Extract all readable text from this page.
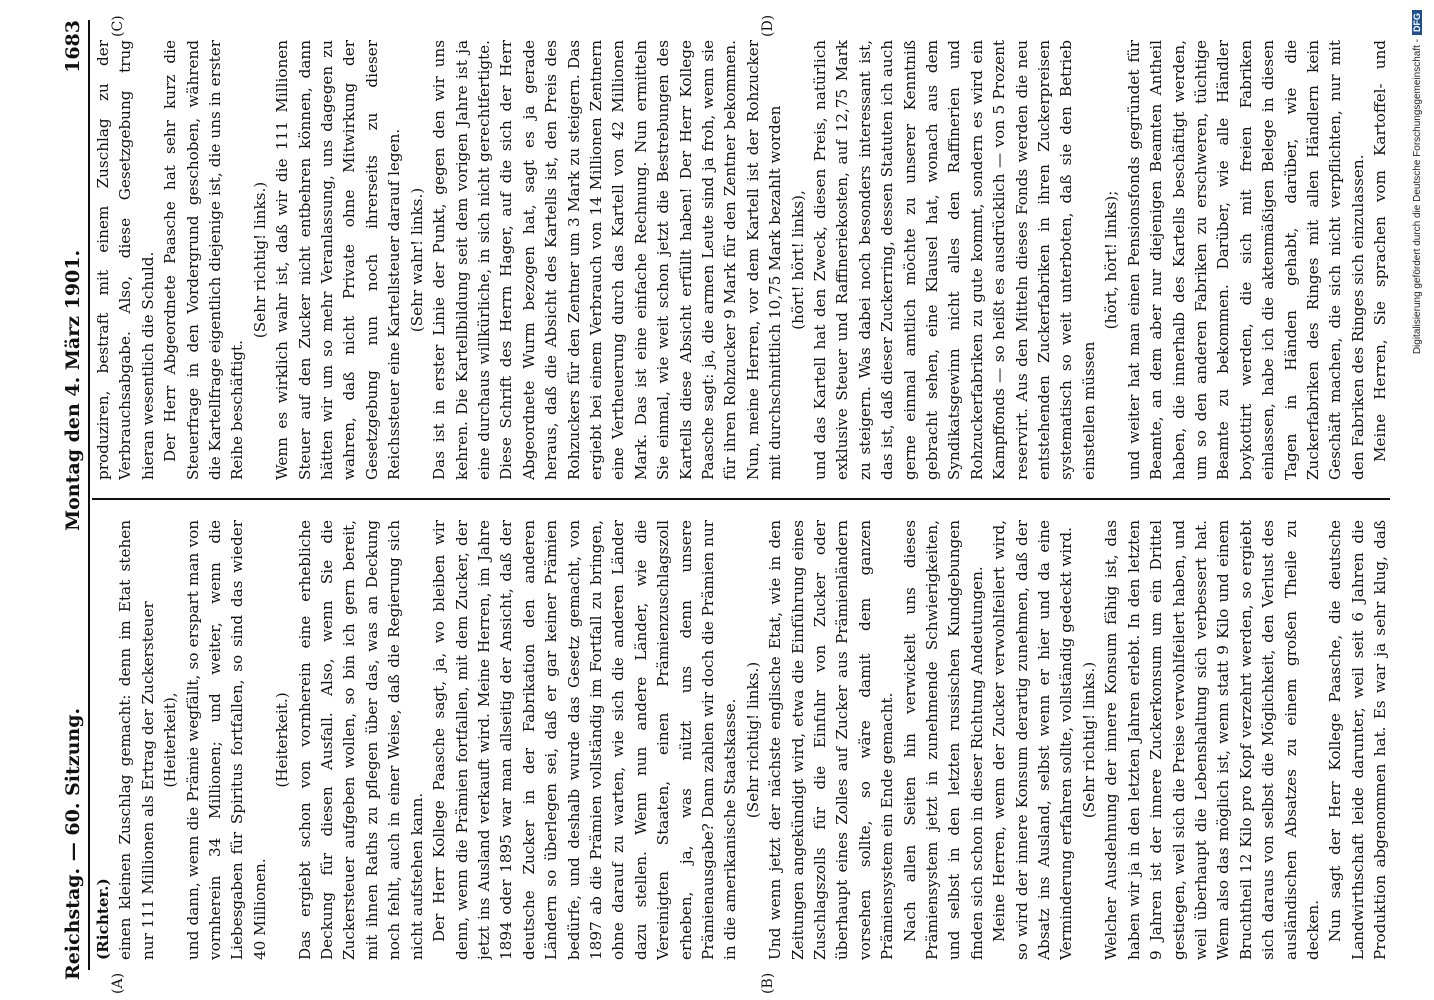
Reichstag. — 60. Sitzung.
Montag den 4. März 1901.
1683
(A)	(B)
(C)	(D)

(Richter.) einen kleinen Zuschlag gemacht: denn im Etat stehen nur 111 Millionen als Ertrag der Zuckersteuer (Heiterkeit), und dann, wenn die Prämie wegfällt, so erspart man von vornherein 34 Millionen; und weiter, wenn die Liebesgaben für Spiritus fortfallen, so sind das wieder 40 Millionen.

(Heiterkeit.) Das ergiebt schon von vornherein eine erhebliche Deckung für diesen Ausfall. Also, wenn Sie die Zuckersteuer aufgeben wollen, so bin ich gern bereit, mit ihnen Raths zu pflegen über das, was an Deckung noch fehlt, auch in einer Weise, daß die Regierung sich nicht aufstehen kann. Der Herr Kollege Paasche sagt, ja, wo bleiben wir denn, wenn die Prämien fortfallen, mit dem Zucker, der jetzt ins Ausland verkauft wird. Meine Herren, im Jahre 1894 oder 1895 war man allseitig der Ansicht, daß der deutsche Zucker in der Fabrikation den anderen Ländern so überlegen sei, daß er gar keiner Prämien bedürfe, und deshalb wurde das Gesetz gemacht, von 1897 ab die Prämien vollständig im Fortfall zu bringen, ohne darauf zu warten, wie sich die anderen Länder dazu stellen. Wenn nun andere Länder, wie die Vereinigten Staaten, einen Prämienzuschlagszoll erheben, ja, was nützt uns denn unsere Prämienausgabe? Dann zahlen wir doch die Prämien nur in die amerikanische Staatskasse. (Sehr richtig! links.) Und wenn jetzt der nächste englische Etat, wie in den Zeitungen angekündigt wird, etwa die Einführung eines Zuschlagszolls für die Einfuhr von Zucker oder überhaupt eines Zolles auf Zucker aus Prämienländern vorsehen sollte, so wäre damit dem ganzen Prämiensystem ein Ende gemacht. Nach allen Seiten hin verwickelt uns dieses Prämiensystem jetzt in zunehmende Schwierigkeiten, und selbst in den letzten russischen Kundgebungen finden sich schon in dieser Richtung Andeutungen. Meine Herren, wenn der Zucker verwohlfeilert wird, so wird der innere Konsum derartig zunehmen, daß der Absatz ins Ausland, selbst wenn er hier und da eine Verminderung erfahren sollte, vollständig gedeckt wird. (Sehr richtig! links.) Welcher Ausdehnung der innere Konsum fähig ist, das haben wir ja in den letzten Jahren erlebt. In den letzten 9 Jahren ist der innere Zuckerkonsum um ein Drittel gestiegen, weil sich die Preise verwohlfeilert haben, und weil überhaupt die Lebenshaltung sich verbessert hat. Wenn also das möglich ist, wenn statt 9 Kilo und einem Bruchtheil 12 Kilo pro Kopf verzehrt werden, so ergiebt sich daraus von selbst die Möglichkeit, den Verlust des ausländischen Absatzes zu einem großen Theile zu decken. Nun sagt der Herr Kollege Paasche, die deutsche Landwirthschaft leide darunter, weil seit 6 Jahren die Produktion abgenommen hat. Es war ja sehr klug, daß

produziren, bestraft mit einem Zuschlag zu der Verbrauchsabgabe. Also, diese Gesetzgebung trug hieran wesentlich die Schuld. Der Herr Abgeordnete Paasche hat sehr kurz die Steuerfrage in den Vordergrund geschoben, während die Kartellfrage eigentlich diejenige ist, die uns in erster Reihe beschäftigt.

(Sehr richtig! links.) Wenn es wirklich wahr ist, daß wir die 111 Millionen Steuer auf den Zucker nicht entbehren können, dann hätten wir um so mehr Veranlassung, uns dagegen zu wahren, daß nicht Private ohne Mitwirkung der Gesetzgebung nun noch ihrerseits zu dieser Reichssteuer eine Kartellsteuer darauf legen. (Sehr wahr! links.) Das ist in erster Linie der Punkt, gegen den wir uns kehren. Die Kartellbildung seit dem vorigen Jahre ist ja eine durchaus willkürliche, in sich nicht gerechtfertigte. Diese Schrift des Herrn Hager, auf die sich der Herr Abgeordnete Wurm bezogen hat, sagt es ja gerade heraus, daß die Absicht des Kartells ist, den Preis des Rohzuckers für den Zentner um 3 Mark zu steigern. Das ergiebt bei einem Verbrauch von 14 Millionen Zentnern eine Vertheuerung durch das Kartell von 42 Millionen Mark. Das ist eine einfache Rechnung. Nun ermitteln Sie einmal, wie weit schon jetzt die Bestrebungen des Kartells diese Absicht erfüllt haben! Der Herr Kollege Paasche sagt: ja, die armen Leute sind ja froh, wenn sie für ihren Rohzucker 9 Mark für den Zentner bekommen. Nun, meine Herren, vor dem Kartell ist der Rohzucker mit durchschnittlich 10,75 Mark bezahlt worden (hört! hört! links), und das Kartell hat den Zweck, diesen Preis, natürlich exklusive Steuer und Raffineriekosten, auf 12,75 Mark zu steigern. Was dabei noch besonders interessant ist, das ist, daß dieser Zuckerring, dessen Statuten ich auch gerne einmal amtlich möchte zu unserer Kenntniß gebracht sehen, eine Klausel hat, wonach aus dem Syndikatsgewinn nicht alles den Raffinerien und Rohzuckerfabriken zu gute kommt, sondern es wird ein Kampffonds — so heißt es ausdrücklich — von 5 Prozent reservirt. Aus den Mitteln dieses Fonds werden die neu entstehenden Zuckerfabriken in ihren Zuckerpreisen systematisch so weit unterboten, daß sie den Betrieb einstellen müssen

(hört, hört! links); und weiter hat man einen Pensionsfonds gegründet für Beamte, an dem aber nur diejenigen Beamten Antheil haben, die innerhalb des Kartells beschäftigt werden, um so den anderen Fabriken zu erschweren, tüchtige Beamte zu bekommen. Darüber, wie alle Händler boykottirt werden, die sich mit freien Fabriken einlassen, habe ich die aktenmäßigen Belege in diesen Tagen in Händen gehabt, darüber, wie die Zuckerfabriken des Ringes mit allen Händlern kein Geschäft machen, die sich nicht verpflichten, nur mit den Fabriken des Ringes sich einzulassen. Meine Herren, Sie sprachen vom Kartoffel- und	Digitalisierung gefördert durch die Deutsche Forschungsgemeinschaft -DFG
